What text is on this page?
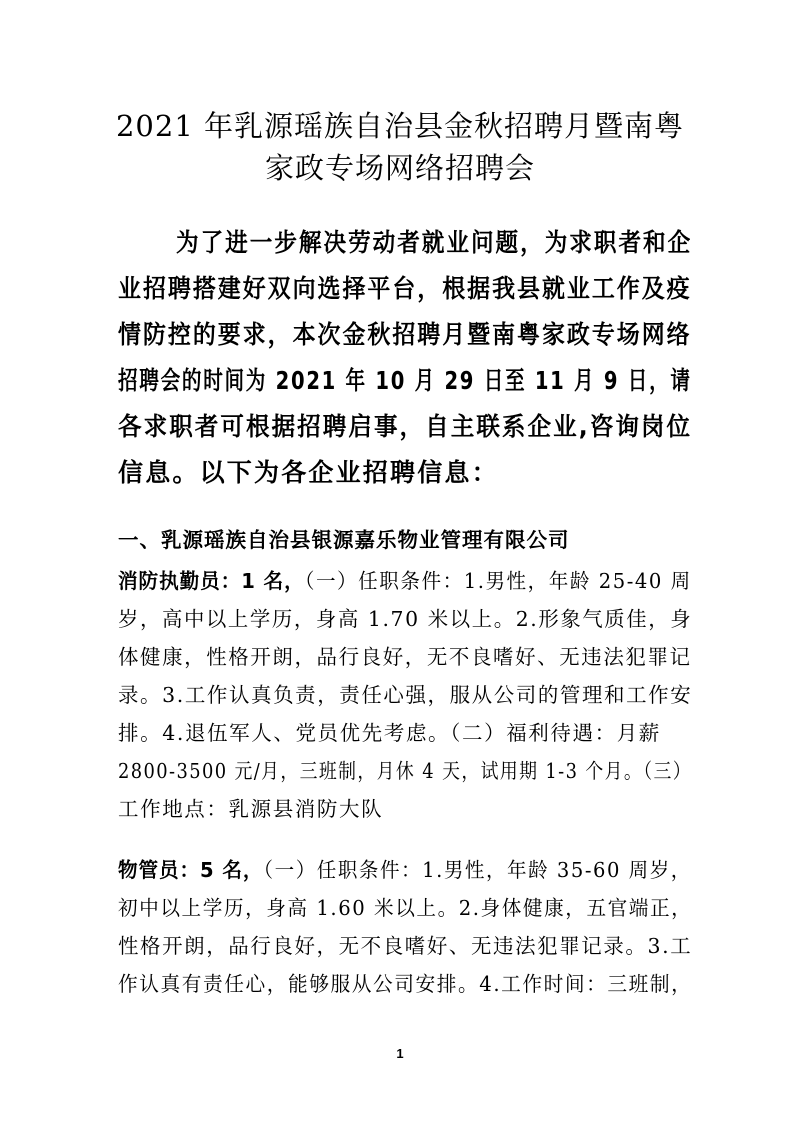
2021 年乳源瑶族自治县金秋招聘月暨南粤
家政专场网络招聘会
为了进一步解决劳动者就业问题，为求职者和企
业招聘搭建好双向选择平台，根据我县就业工作及疫
情防控的要求，本次金秋招聘月暨南粤家政专场网络
招聘会的时间为 2021 年 10 月 29 日至 11 月 9 日，请
各求职者可根据招聘启事，自主联系企业,咨询岗位
信息。以下为各企业招聘信息：
一、乳源瑶族自治县银源嘉乐物业管理有限公司
消防执勤员：1 名，（一）任职条件：1.男性，年龄 25-40 周
岁，高中以上学历，身高 1.70 米以上。2.形象气质佳，身
体健康，性格开朗，品行良好，无不良嗜好、无违法犯罪记
录。3.工作认真负责，责任心强，服从公司的管理和工作安
排。4.退伍军人、党员优先考虑。（二）福利待遇：月薪
2800-3500 元/月，三班制，月休 4 天，试用期 1-3 个月。（三）
工作地点：乳源县消防大队
物管员：5 名，（一）任职条件：1.男性，年龄 35-60 周岁，
初中以上学历，身高 1.60 米以上。2.身体健康，五官端正，
性格开朗，品行良好，无不良嗜好、无违法犯罪记录。3.工
作认真有责任心，能够服从公司安排。4.工作时间：三班制，
1
